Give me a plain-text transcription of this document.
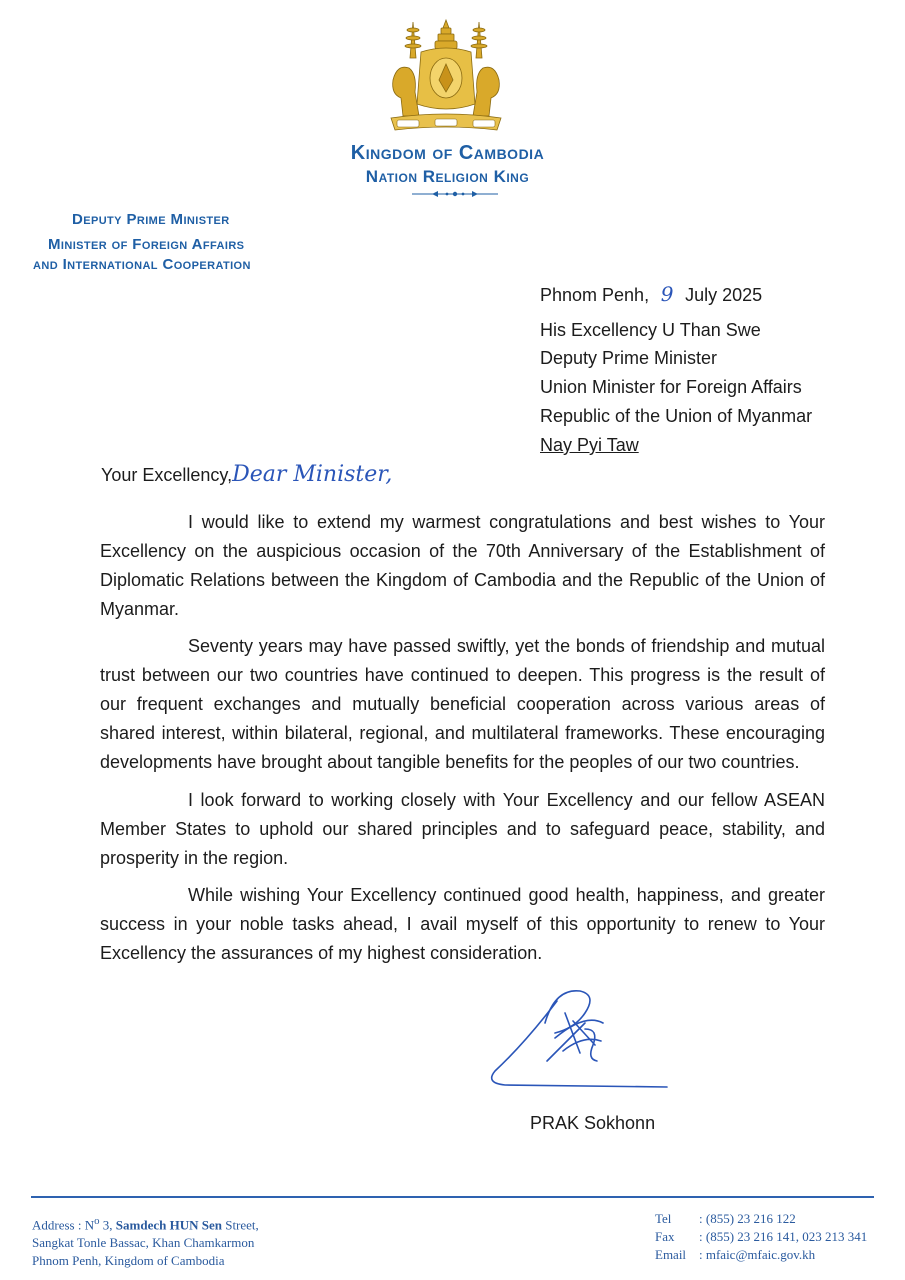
Kingdom of Cambodia
Nation Religion King
Deputy Prime Minister
Minister of Foreign Affairs
and International Cooperation
Phnom Penh, 9 July 2025
His Excellency U Than Swe
Deputy Prime Minister
Union Minister for Foreign Affairs
Republic of the Union of Myanmar
Nay Pyi Taw
Your Excellency,Dear Minister,
I would like to extend my warmest congratulations and best wishes to Your Excellency on the auspicious occasion of the 70th Anniversary of the Establishment of Diplomatic Relations between the Kingdom of Cambodia and the Republic of the Union of Myanmar.
Seventy years may have passed swiftly, yet the bonds of friendship and mutual trust between our two countries have continued to deepen. This progress is the result of our frequent exchanges and mutually beneficial cooperation across various areas of shared interest, within bilateral, regional, and multilateral frameworks. These encouraging developments have brought about tangible benefits for the peoples of our two countries.
I look forward to working closely with Your Excellency and our fellow ASEAN Member States to uphold our shared principles and to safeguard peace, stability, and prosperity in the region.
While wishing Your Excellency continued good health, happiness, and greater success in your noble tasks ahead, I avail myself of this opportunity to renew to Your Excellency the assurances of my highest consideration.
PRAK Sokhonn
Address : $N^o$ 3, Samdech HUN Sen Street,
Sangkat Tonle Bassac, Khan Chamkarmon
Phnom Penh, Kingdom of Cambodia
Tel : (855) 23 216 122
Fax : (855) 23 216 141, 023 213 341
Email : mfaic@mfaic.gov.kh
